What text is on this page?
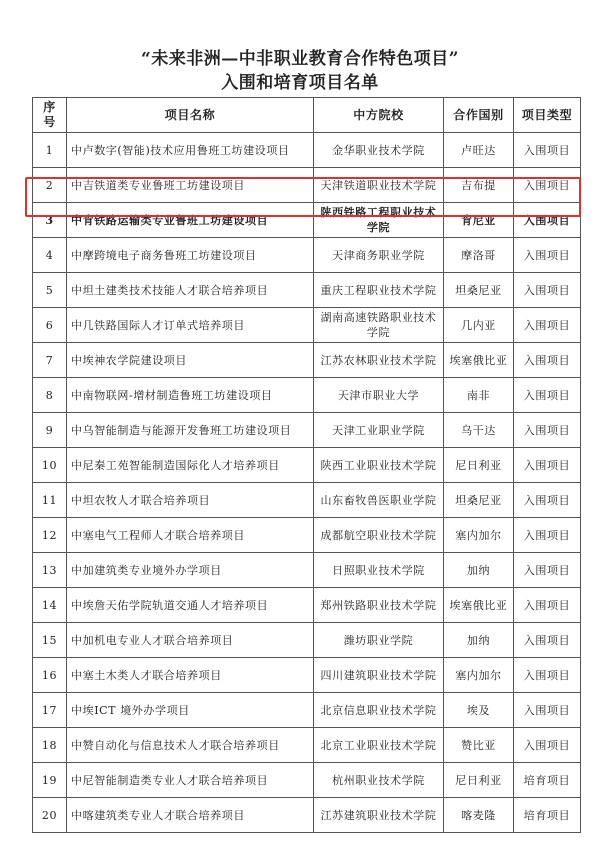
“未来非洲—中非职业教育合作特色项目”
入围和培育项目名单
序号	项目名称	中方院校	合作国别	项目类型
1	中卢数字(智能)技术应用鲁班工坊建设项目	金华职业技术学院	卢旺达	入围项目
2	中吉铁道类专业鲁班工坊建设项目	天津铁道职业技术学院	吉布提	入围项目
3	中肯铁路运输类专业鲁班工坊建设项目	陕西铁路工程职业技术学院	肯尼亚	入围项目
4	中摩跨境电子商务鲁班工坊建设项目	天津商务职业学院	摩洛哥	入围项目
5	中坦土建类技术技能人才联合培养项目	重庆工程职业技术学院	坦桑尼亚	入围项目
6	中几铁路国际人才订单式培养项目	湖南高速铁路职业技术学院	几内亚	入围项目
7	中埃神农学院建设项目	江苏农林职业技术学院	埃塞俄比亚	入围项目
8	中南物联网-增材制造鲁班工坊建设项目	天津市职业大学	南非	入围项目
9	中乌智能制造与能源开发鲁班工坊建设项目	天津工业职业学院	乌干达	入围项目
10	中尼秦工苑智能制造国际化人才培养项目	陕西工业职业技术学院	尼日利亚	入围项目
11	中坦农牧人才联合培养项目	山东畜牧兽医职业学院	坦桑尼亚	入围项目
12	中塞电气工程师人才联合培养项目	成都航空职业技术学院	塞内加尔	入围项目
13	中加建筑类专业境外办学项目	日照职业技术学院	加纳	入围项目
14	中埃詹天佑学院轨道交通人才培养项目	郑州铁路职业技术学院	埃塞俄比亚	入围项目
15	中加机电专业人才联合培养项目	潍坊职业学院	加纳	入围项目
16	中塞土木类人才联合培养项目	四川建筑职业技术学院	塞内加尔	入围项目
17	中埃ICT 境外办学项目	北京信息职业技术学院	埃及	入围项目
18	中赞自动化与信息技术人才联合培养项目	北京工业职业技术学院	赞比亚	入围项目
19	中尼智能制造类专业人才联合培养项目	杭州职业技术学院	尼日利亚	培育项目
20	中喀建筑类专业人才联合培养项目	江苏建筑职业技术学院	喀麦隆	培育项目
